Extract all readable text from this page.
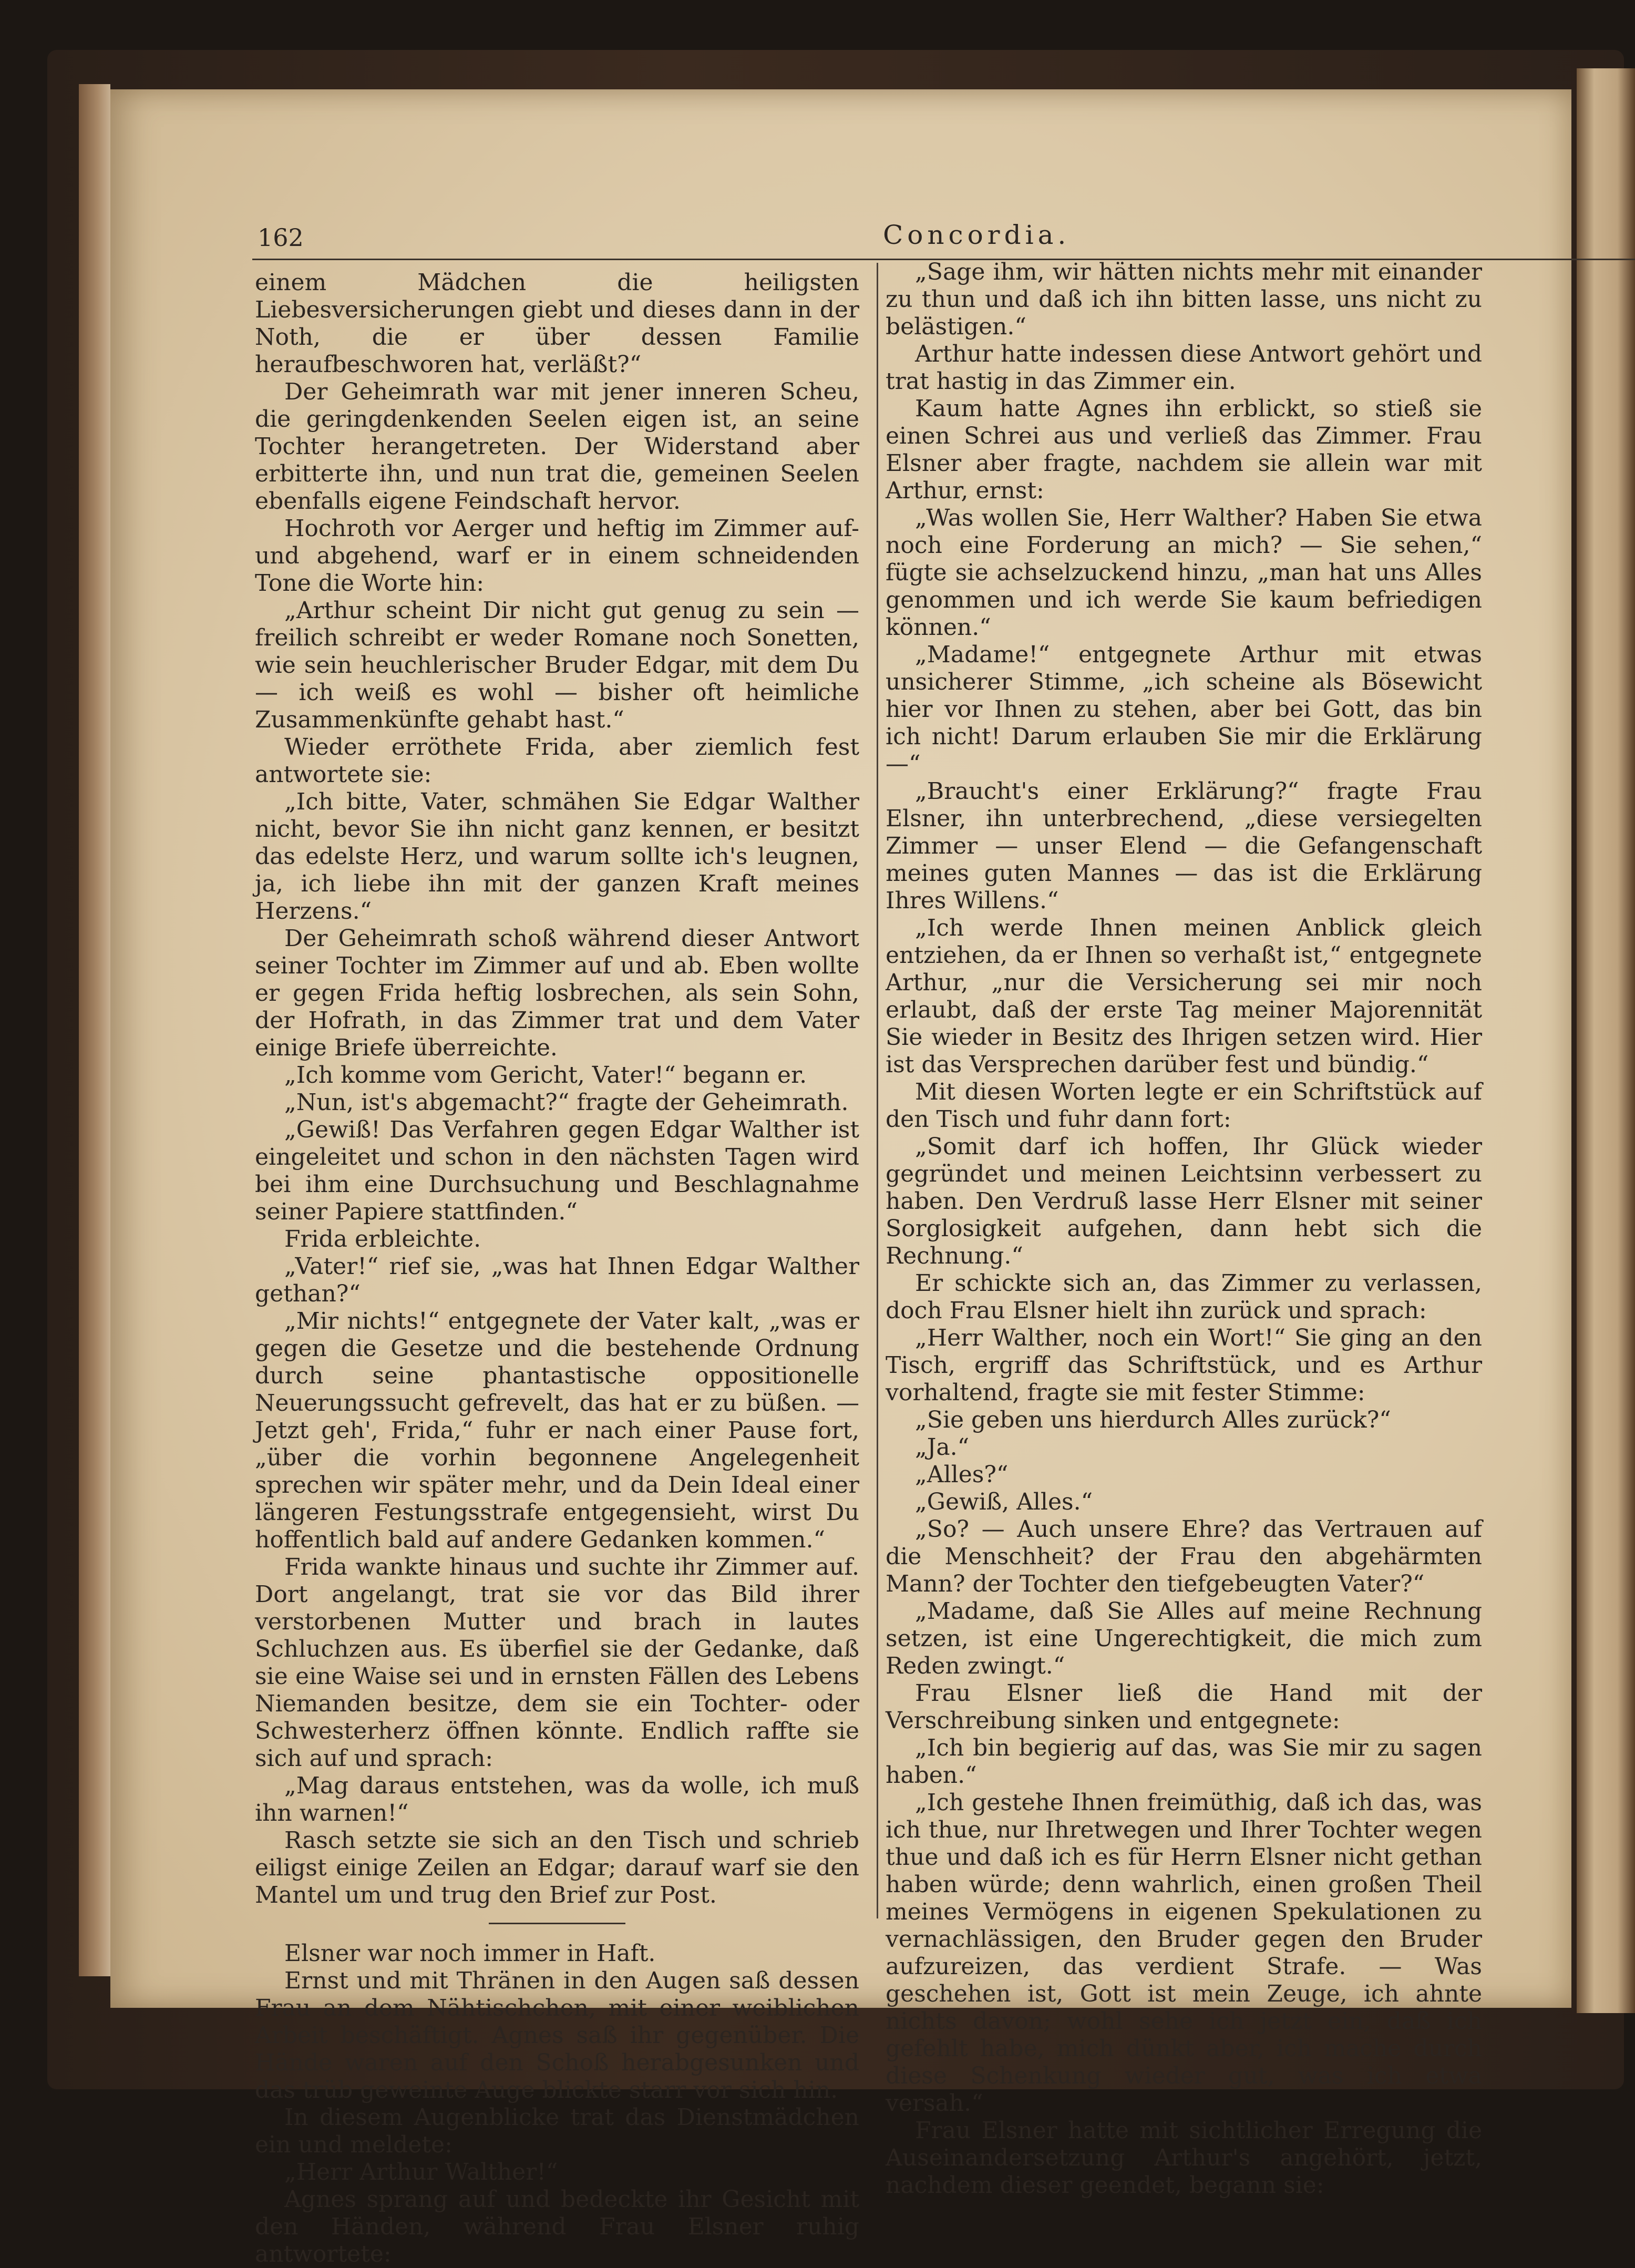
162	Concordia.

einem Mädchen die heiligsten Liebesversicherungen giebt und dieses dann in der Noth, die er über dessen Familie heraufbeschworen hat, verläßt?“

Der Geheimrath war mit jener inneren Scheu, die geringdenkenden Seelen eigen ist, an seine Tochter herangetreten. Der Widerstand aber erbitterte ihn, und nun trat die, gemeinen Seelen ebenfalls eigene Feindschaft hervor.

Hochroth vor Aerger und heftig im Zimmer auf- und abgehend, warf er in einem schneidenden Tone die Worte hin:

„Arthur scheint Dir nicht gut genug zu sein — freilich schreibt er weder Romane noch Sonetten, wie sein heuchlerischer Bruder Edgar, mit dem Du — ich weiß es wohl — bisher oft heimliche Zusammenkünfte gehabt hast.“

Wieder erröthete Frida, aber ziemlich fest antwortete sie:

„Ich bitte, Vater, schmähen Sie Edgar Walther nicht, bevor Sie ihn nicht ganz kennen, er besitzt das edelste Herz, und warum sollte ich's leugnen, ja, ich liebe ihn mit der ganzen Kraft meines Herzens.“

Der Geheimrath schoß während dieser Antwort seiner Tochter im Zimmer auf und ab. Eben wollte er gegen Frida heftig losbrechen, als sein Sohn, der Hofrath, in das Zimmer trat und dem Vater einige Briefe überreichte.

„Ich komme vom Gericht, Vater!“ begann er.

„Nun, ist's abgemacht?“ fragte der Geheimrath.

„Gewiß! Das Verfahren gegen Edgar Walther ist eingeleitet und schon in den nächsten Tagen wird bei ihm eine Durchsuchung und Beschlagnahme seiner Papiere stattfinden.“

Frida erbleichte.

„Vater!“ rief sie, „was hat Ihnen Edgar Walther gethan?“

„Mir nichts!“ entgegnete der Vater kalt, „was er gegen die Gesetze und die bestehende Ordnung durch seine phantastische oppositionelle Neuerungssucht gefrevelt, das hat er zu büßen. — Jetzt geh', Frida,“ fuhr er nach einer Pause fort, „über die vorhin begonnene Angelegenheit sprechen wir später mehr, und da Dein Ideal einer längeren Festungsstrafe entgegensieht, wirst Du hoffentlich bald auf andere Gedanken kommen.“

Frida wankte hinaus und suchte ihr Zimmer auf. Dort angelangt, trat sie vor das Bild ihrer verstorbenen Mutter und brach in lautes Schluchzen aus. Es überfiel sie der Gedanke, daß sie eine Waise sei und in ernsten Fällen des Lebens Niemanden besitze, dem sie ein Tochter- oder Schwesterherz öffnen könnte. Endlich raffte sie sich auf und sprach:

„Mag daraus entstehen, was da wolle, ich muß ihn warnen!“

Rasch setzte sie sich an den Tisch und schrieb eiligst einige Zeilen an Edgar; darauf warf sie den Mantel um und trug den Brief zur Post.

Elsner war noch immer in Haft.

Ernst und mit Thränen in den Augen saß dessen Frau an dem Nähtischchen, mit einer weiblichen Arbeit beschäftigt. Agnes saß ihr gegenüber. Die Hände waren auf den Schoß herabgesunken und das trüb geweinte Auge blickte starr vor sich hin.

In diesem Augenblicke trat das Dienstmädchen ein und meldete:

„Herr Arthur Walther!“

Agnes sprang auf und bedeckte ihr Gesicht mit den Händen, während Frau Elsner ruhig antwortete:

„Sage ihm, wir hätten nichts mehr mit einander zu thun und daß ich ihn bitten lasse, uns nicht zu belästigen.“

Arthur hatte indessen diese Antwort gehört und trat hastig in das Zimmer ein.

Kaum hatte Agnes ihn erblickt, so stieß sie einen Schrei aus und verließ das Zimmer. Frau Elsner aber fragte, nachdem sie allein war mit Arthur, ernst:

„Was wollen Sie, Herr Walther? Haben Sie etwa noch eine Forderung an mich? — Sie sehen,“ fügte sie achselzuckend hinzu, „man hat uns Alles genommen und ich werde Sie kaum befriedigen können.“

„Madame!“ entgegnete Arthur mit etwas unsicherer Stimme, „ich scheine als Bösewicht hier vor Ihnen zu stehen, aber bei Gott, das bin ich nicht! Darum erlauben Sie mir die Erklärung —“

„Braucht's einer Erklärung?“ fragte Frau Elsner, ihn unterbrechend, „diese versiegelten Zimmer — unser Elend — die Gefangenschaft meines guten Mannes — das ist die Erklärung Ihres Willens.“

„Ich werde Ihnen meinen Anblick gleich entziehen, da er Ihnen so verhaßt ist,“ entgegnete Arthur, „nur die Versicherung sei mir noch erlaubt, daß der erste Tag meiner Majorennität Sie wieder in Besitz des Ihrigen setzen wird. Hier ist das Versprechen darüber fest und bündig.“

Mit diesen Worten legte er ein Schriftstück auf den Tisch und fuhr dann fort:

„Somit darf ich hoffen, Ihr Glück wieder gegründet und meinen Leichtsinn verbessert zu haben. Den Verdruß lasse Herr Elsner mit seiner Sorglosigkeit aufgehen, dann hebt sich die Rechnung.“

Er schickte sich an, das Zimmer zu verlassen, doch Frau Elsner hielt ihn zurück und sprach:

„Herr Walther, noch ein Wort!“ Sie ging an den Tisch, ergriff das Schriftstück, und es Arthur vorhaltend, fragte sie mit fester Stimme:

„Sie geben uns hierdurch Alles zurück?“

„Ja.“

„Alles?“

„Gewiß, Alles.“

„So? — Auch unsere Ehre? das Vertrauen auf die Menschheit? der Frau den abgehärmten Mann? der Tochter den tiefgebeugten Vater?“

„Madame, daß Sie Alles auf meine Rechnung setzen, ist eine Ungerechtigkeit, die mich zum Reden zwingt.“

Frau Elsner ließ die Hand mit der Verschreibung sinken und entgegnete:

„Ich bin begierig auf das, was Sie mir zu sagen haben.“

„Ich gestehe Ihnen freimüthig, daß ich das, was ich thue, nur Ihretwegen und Ihrer Tochter wegen thue und daß ich es für Herrn Elsner nicht gethan haben würde; denn wahrlich, einen großen Theil meines Vermögens in eigenen Spekulationen zu vernachlässigen, den Bruder gegen den Bruder aufzureizen, das verdient Strafe. — Was geschehen ist, Gott ist mein Zeuge, ich ahnte nichts davon; wohl sehe ich jetzt ein, daß ich gefehlt habe, mich dünkt aber, ich mache durch diese Schenkung wieder gut, was ich etwa versah.“

Frau Elsner hatte mit sichtlicher Erregung die Auseinandersetzung Arthur's angehört, jetzt, nachdem dieser geendet, begann sie:
